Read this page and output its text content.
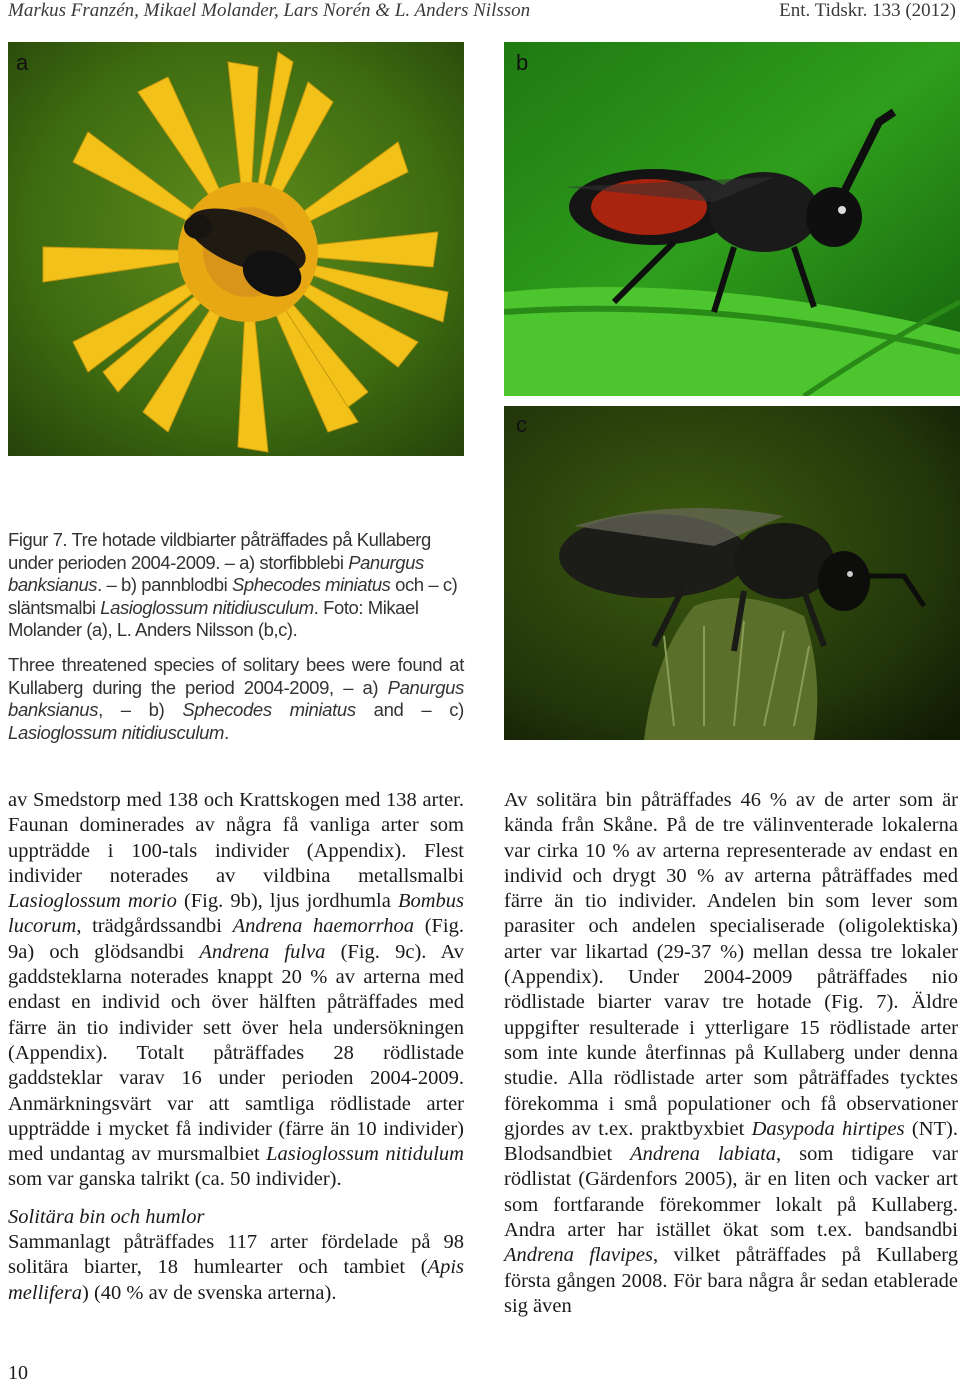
Markus Franzén, Mikael Molander, Lars Norén & L. Anders Nilsson	Ent. Tidskr. 133 (2012)
a	b
c

Figur 7. Tre hotade vildbiarter påträffades på Kullaberg under perioden 2004-2009. – a) storfibblebi Panurgus banksianus. – b) pannblodbi Sphecodes miniatus och – c) släntsmalbi Lasioglossum nitidiusculum. Foto: Mikael Molander (a), L. Anders Nilsson (b,c).

Three threatened species of solitary bees were found at Kullaberg during the period 2004-2009, – a) Panurgus banksianus, – b) Sphecodes miniatus and – c) Lasioglossum nitidiusculum.

av Smedstorp med 138 och Krattskogen med 138 arter. Faunan dominerades av några få vanliga arter som uppträdde i 100-tals individer (Appendix). Flest individer noterades av vildbina metallsmalbi Lasioglossum morio (Fig. 9b), ljus jordhumla Bombus lucorum, trädgårdssandbi Andrena haemorrhoa (Fig. 9a) och glödsandbi Andrena fulva (Fig. 9c). Av gaddsteklarna noterades knappt 20 % av arterna med endast en individ och över hälften påträffades med färre än tio individer sett över hela undersökningen (Appendix). Totalt påträffades 28 rödlistade gaddsteklar varav 16 under perioden 2004-2009. Anmärkningsvärt var att samtliga rödlistade arter uppträdde i mycket få individer (färre än 10 individer) med undantag av mursmalbiet Lasioglossum nitidulum som var ganska talrikt (ca. 50 individer).

Solitära bin och humlor

Sammanlagt påträffades 117 arter fördelade på 98 solitära biarter, 18 humlearter och tambiet (Apis mellifera) (40 % av de svenska arterna).

Av solitära bin påträffades 46 % av de arter som är kända från Skåne. På de tre välinventerade lokalerna var cirka 10 % av arterna representerade av endast en individ och drygt 30 % av arterna påträffades med färre än tio individer. Andelen bin som lever som parasiter och andelen specialiserade (oligolektiska) arter var likartad (29-37 %) mellan dessa tre lokaler (Appendix). Under 2004-2009 påträffades nio rödlistade biarter varav tre hotade (Fig. 7). Äldre uppgifter resulterade i ytterligare 15 rödlistade arter som inte kunde återfinnas på Kullaberg under denna studie. Alla rödlistade arter som påträffades tycktes förekomma i små populationer och få observationer gjordes av t.ex. praktbyxbiet Dasypoda hirtipes (NT). Blodsandbiet Andrena labiata, som tidigare var rödlistat (Gärdenfors 2005), är en liten och vacker art som fortfarande förekommer lokalt på Kullaberg. Andra arter har istället ökat som t.ex. bandsandbi Andrena flavipes, vilket påträffades på Kullaberg första gången 2008. För bara några år sedan etablerade sig även

10
